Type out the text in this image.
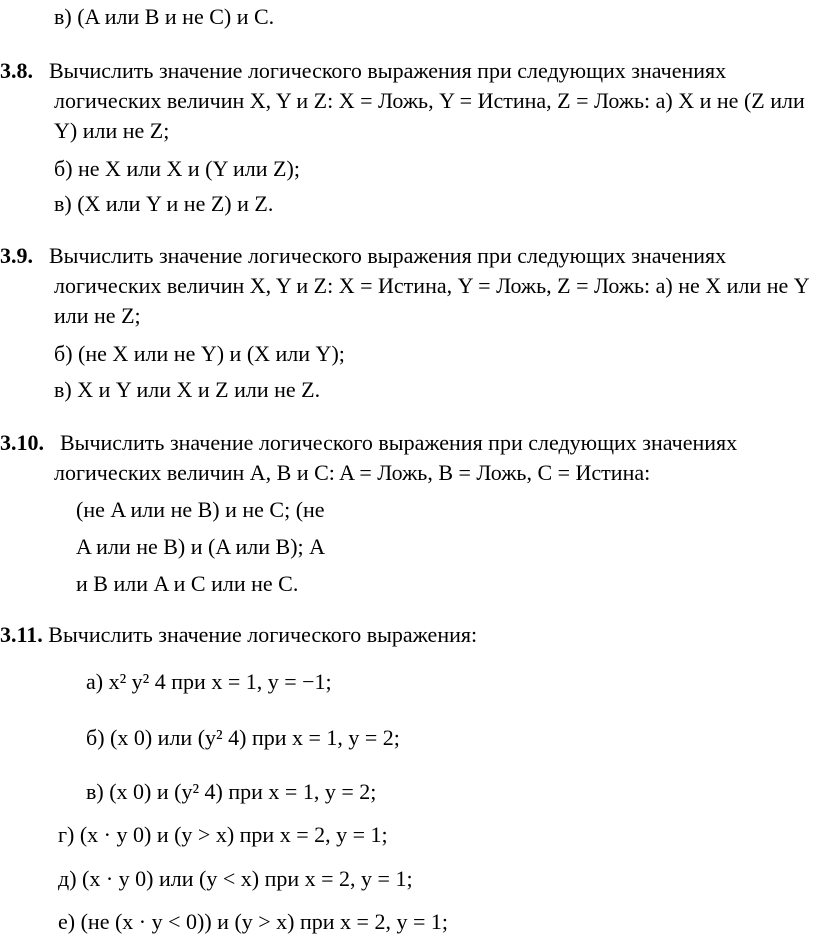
в) (A или B и не C) и C.
3.8. Вычислить значение логического выражения при следующих значениях
логических величин X, Y и Z: X = Ложь, Y = Истина, Z = Ложь: а) X и не (Z или
Y) или не Z;
б) не X или X и (Y или Z);
в) (X или Y и не Z) и Z.
3.9. Вычислить значение логического выражения при следующих значениях
логических величин X, Y и Z: X = Истина, Y = Ложь, Z = Ложь: а) не X или не Y
или не Z;
б) (не X или не Y) и (X или Y);
в) X и Y или X и Z или не Z.
3.10. Вычислить значение логического выражения при следующих значениях
логических величин A, B и C: A = Ложь, B = Ложь, C = Истина:
(не A или не B) и не C; (не
A или не B) и (A или B); A
и B или A и C или не C.
3.11. Вычислить значение логического выражения:
а) x² y² 4 при x = 1, y = −1;
б) (x 0) или (y² 4) при x = 1, y = 2;
в) (x 0) и (y² 4) при x = 1, y = 2;
г) (x · y 0) и (y > x) при x = 2, y = 1;
д) (x · y 0) или (y < x) при x = 2, y = 1;
е) (не (x · y < 0)) и (y > x) при x = 2, y = 1;
